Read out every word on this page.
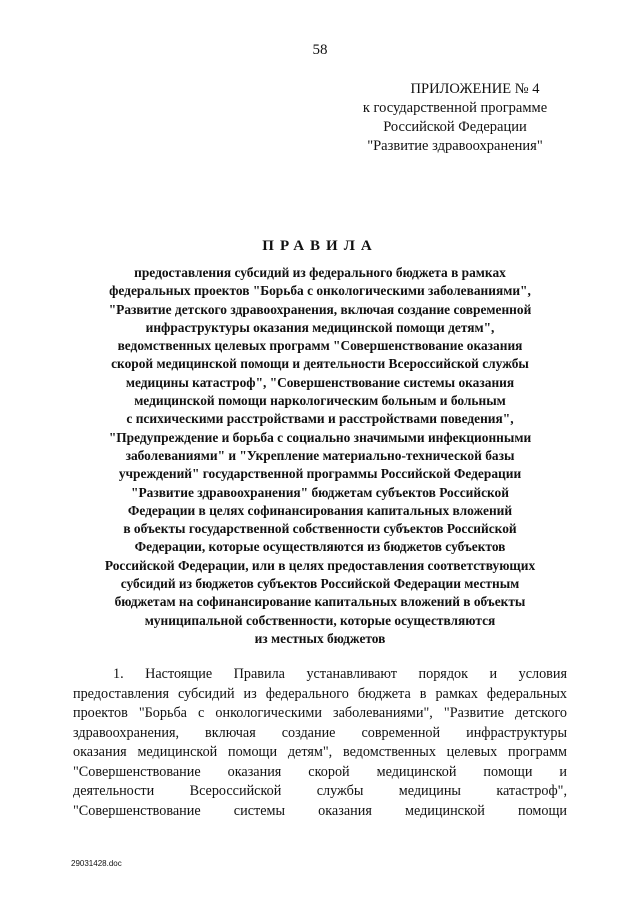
58
ПРИЛОЖЕНИЕ № 4
к государственной программе
Российской Федерации
"Развитие здравоохранения"
ПРАВИЛА
предоставления субсидий из федерального бюджета в рамках
федеральных проектов "Борьба с онкологическими заболеваниями",
"Развитие детского здравоохранения, включая создание современной
инфраструктуры оказания медицинской помощи детям",
ведомственных целевых программ "Совершенствование оказания
скорой медицинской помощи и деятельности Всероссийской службы
медицины катастроф", "Совершенствование системы оказания
медицинской помощи наркологическим больным и больным
с психическими расстройствами и расстройствами поведения",
"Предупреждение и борьба с социально значимыми инфекционными
заболеваниями" и "Укрепление материально-технической базы
учреждений" государственной программы Российской Федерации
"Развитие здравоохранения" бюджетам субъектов Российской
Федерации в целях софинансирования капитальных вложений
в объекты государственной собственности субъектов Российской
Федерации, которые осуществляются из бюджетов субъектов
Российской Федерации, или в целях предоставления соответствующих
субсидий из бюджетов субъектов Российской Федерации местным
бюджетам на софинансирование капитальных вложений в объекты
муниципальной собственности, которые осуществляются
из местных бюджетов
1. Настоящие Правила устанавливают порядок и условия
предоставления субсидий из федерального бюджета в рамках федеральных
проектов "Борьба с онкологическими заболеваниями", "Развитие детского
здравоохранения, включая создание современной инфраструктуры
оказания медицинской помощи детям", ведомственных целевых программ
"Совершенствование оказания скорой медицинской помощи и
деятельности Всероссийской службы медицины катастроф",
"Совершенствование системы оказания медицинской помощи
29031428.doc
